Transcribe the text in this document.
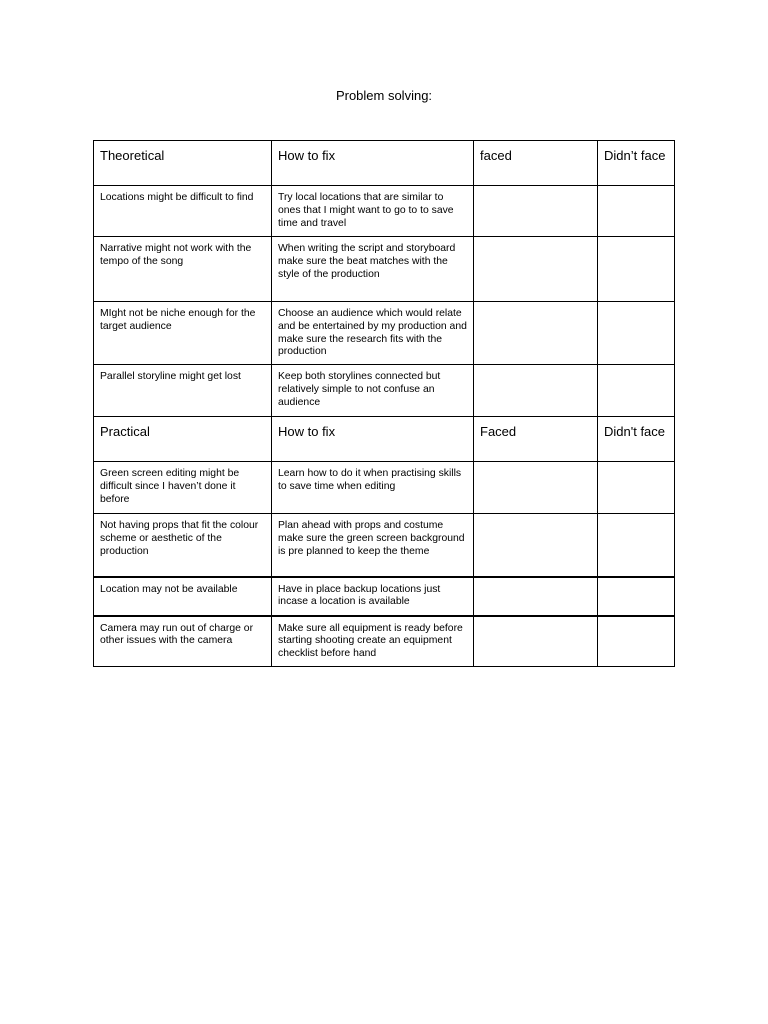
Problem solving:
Theoretical	How to fix	faced	Didn’t face
Locations might be difficult to find	Try local locations that are similar to ones that I might want to go to to save time and travel		
Narrative might not work with the tempo of the song	When writing the script and storyboard make sure the beat matches with the style of the production		
MIght not be niche enough for the target audience	Choose an audience which would relate and be entertained by my production and make sure the research fits with the production		
Parallel storyline might get lost	Keep both storylines connected but relatively simple to not confuse an audience		
Practical	How to fix	Faced	Didn't face
Green screen editing might be difficult since I haven’t done it before	Learn how to do it when practising skills to save time when editing		
Not having props that fit the colour scheme or aesthetic of the production	Plan ahead with props and costume make sure the green screen background is pre planned to keep the theme		
Location may not be available	Have in place backup locations just incase a location is available		
Camera may run out of charge or other issues with the camera	Make sure all equipment is ready before starting shooting create an equipment checklist before hand		
